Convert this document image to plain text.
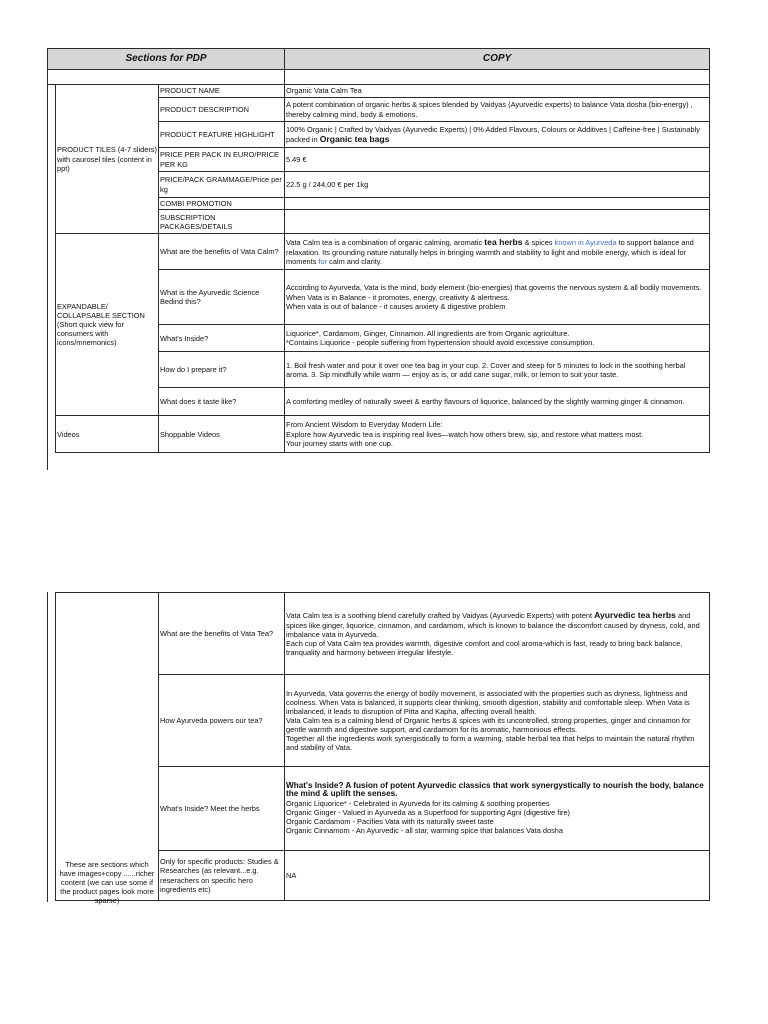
Sections for PDP			COPY

	PRODUCT TILES (4-7 sliders) with caurosel tiles (content in ppt)	PRODUCT NAME	Organic Vata Calm Tea
		PRODUCT DESCRIPTION	A potent combination of organic herbs & spices blended by Vaidyas (Ayurvedic experts) to balance Vata dosha (bio-energy) , thereby calming mind, body & emotions.
		PRODUCT FEATURE HIGHLIGHT	100% Organic | Crafted by Vaidyas (Ayurvedic Experts) | 0% Added Flavours, Colours or Additives | Caffeine-free | Sustainably packed in Organic tea bags
		PRICE PER PACK IN EURO/PRICE PER KG	5.49 €
		PRICE/PACK GRAMMAGE/Price per kg	22.5 g / 244,00 € per 1kg
		COMBI PROMOTION	
		SUBSCRIPTION PACKAGES/DETAILS	
	EXPANDABLE/ COLLAPSABLE SECTION (Short quick view for consumers with icons/mnemonics)	What are the benefits of Vata Calm?	Vata Calm tea is a combination of organic calming, aromatic tea herbs & spices known in Ayurveda to support balance and relaxation. Its grounding nature naturally helps in bringing warmth and stability to light and mobile energy, which is ideal for moments for calm and clarity.
		What is the Ayurvedic Science Bedind this?	According to Ayurveda, Vata is the mind, body element (bio-energies) that governs the nervous system & all bodily movements.
When Vata is in Balance - it promotes, energy, creativity & alertness.
When vata is out of balance - it causes anxiety & digestive problem

		What's Inside?	Liquorice*, Cardamom, Ginger, Cinnamon. All ingredients are from Organic agriculture.
*Contains Liquorice - people suffering from hypertension should avoid excessive consumption.

		How do I prepare it?	1. Boil fresh water and pour it over one tea bag in your cup. 2. Cover and steep for 5 minutes to lock in the soothing herbal aroma. 3. Sip mindfully while warm — enjoy as is, or add cane sugar, milk, or lemon to suit your taste.
		What does it taste like?	A comforting medley of naturally sweet & earthy flavours of liquorice, balanced by the slightly warming ginger & cinnamon.

	Videos	Shoppable Videos	From Ancient Wisdom to Everyday Modern Life:
Explore how Ayurvedic tea is inspiring real lives—watch how others brew, sip, and restore what matters most.
Your journey starts with one cup.
These are sections which have images+copy ......richer content (we can use some if the product pages look more sparse)	What are the benefits of Vata Tea?	Vata Calm tea is a soothing blend carefully crafted by Vaidyas (Ayurvedic Experts) with potent Ayurvedic tea herbs and spices like ginger, liquorice, cinnamon, and cardamom, which is known to balance the discomfort caused by dryness, cold, and imbalance vata in Ayurveda.
Each cup of Vata Calm tea provides warmth, digestive comfort and cool aroma-which is fast, ready to bring back balance, tranquality and harmony between irregular lifestyle.

	How Ayurveda powers our tea?	In Ayurveda, Vata governs the energy of bodily movement, is associated with the properties such as dryness, lightness and coolness. When Vata is balanced, it supports clear thinking, smooth digestion, stability and comfortable sleep. When Vata is imbalanced, it leads to disruption of Pitta and Kapha, affecting overall health.
Vata Calm tea is a calming blend of Organic herbs & spices with its uncontrolled, strong properties, ginger and cinnamon for gentle warmth and digestive support, and cardamom for its aromatic, harmonious effects.
Together all the ingredients work synergistically to form a warming, stable herbal tea that helps to maintain the natural rhythm and stability of Vata.

	What's Inside? Meet the herbs	What's Inside? A fusion of potent Ayurvedic classics that work synergystically to nourish the body, balance the mind & uplift the senses.
Organic Liquorice* - Celebrated in Ayurveda for its calming & soothing properties
Organic Ginger - Valued in Ayurveda as a Superfood for supporting Agni (digestive fire)
Organic Cardamom - Pacifies Vata with its naturally sweet taste
Organic Cinnamom - An Ayurvedic - all star, warming spice that balances Vata dosha

	Only for specific products: Studies & Researches (as relevant...e.g. reserachers on specific hero ingredients etc)	NA
